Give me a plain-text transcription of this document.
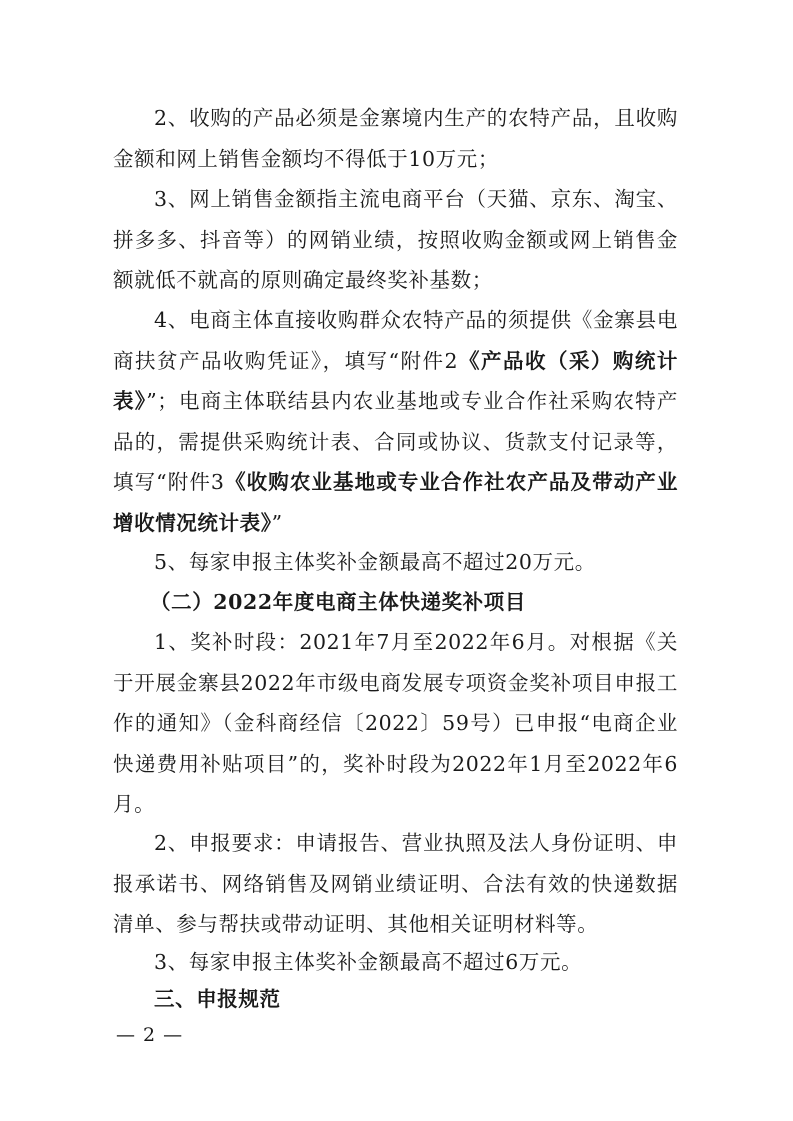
2、收购的产品必须是金寨境内生产的农特产品，且收购金额和网上销售金额均不得低于10万元；

3、网上销售金额指主流电商平台（天猫、京东、淘宝、拼多多、抖音等）的网销业绩，按照收购金额或网上销售金额就低不就高的原则确定最终奖补基数；

4、电商主体直接收购群众农特产品的须提供《金寨县电商扶贫产品收购凭证》，填写“附件2《产品收（采）购统计表》”；电商主体联结县内农业基地或专业合作社采购农特产品的，需提供采购统计表、合同或协议、货款支付记录等，填写“附件3《收购农业基地或专业合作社农产品及带动产业增收情况统计表》”

5、每家申报主体奖补金额最高不超过20万元。

（二）2022年度电商主体快递奖补项目

1、奖补时段：2021年7月至2022年6月。对根据《关于开展金寨县2022年市级电商发展专项资金奖补项目申报工作的通知》（金科商经信〔2022〕59号）已申报“电商企业快递费用补贴项目”的，奖补时段为2022年1月至2022年6月。

2、申报要求：申请报告、营业执照及法人身份证明、申报承诺书、网络销售及网销业绩证明、合法有效的快递数据清单、参与帮扶或带动证明、其他相关证明材料等。

3、每家申报主体奖补金额最高不超过6万元。

三、申报规范
— 2 —
